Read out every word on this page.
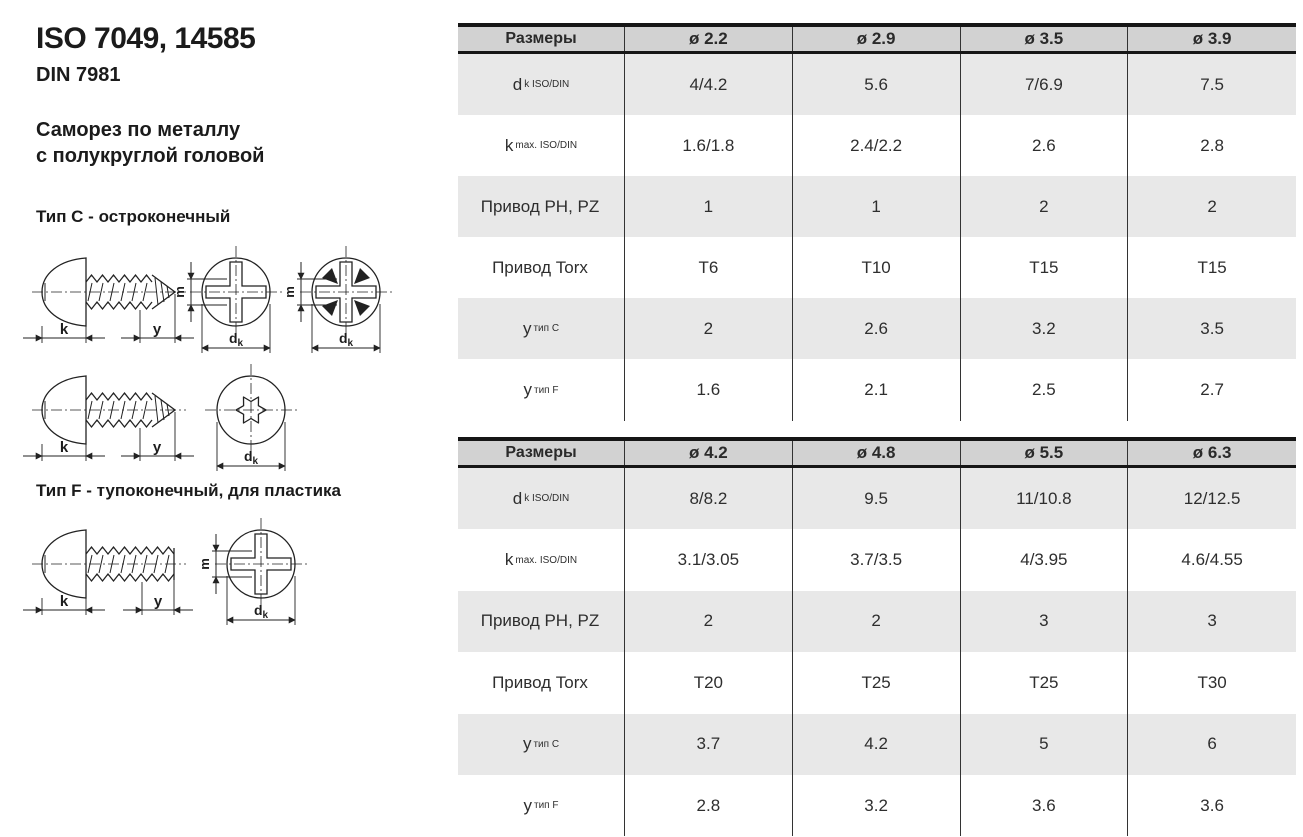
ISO 7049, 14585
DIN 7981
Саморез по металлу
с полукруглой головой
Тип C - остроконечный
Тип F - тупоконечный, для пластика
k	y
m
$d_k$
m
$d_k$
k	y	$d_k$
k	y
m
$d_k$
Размеры	ø 2.2	ø 2.9	ø 3.5	ø 3.9
d k ISO/DIN	4/4.2	5.6	7/6.9	7.5
k max. ISO/DIN	1.6/1.8	2.4/2.2	2.6	2.8
Привод PH, PZ	1	1	2	2
Привод Torx	T6	T10	T15	T15
у тип C	2	2.6	3.2	3.5
у тип F	1.6	2.1	2.5	2.7
Размеры	ø 4.2	ø 4.8	ø 5.5	ø 6.3
d k ISO/DIN	8/8.2	9.5	11/10.8	12/12.5
k max. ISO/DIN	3.1/3.05	3.7/3.5	4/3.95	4.6/4.55
Привод PH, PZ	2	2	3	3
Привод Torx	T20	T25	T25	T30
у тип C	3.7	4.2	5	6
у тип F	2.8	3.2	3.6	3.6
